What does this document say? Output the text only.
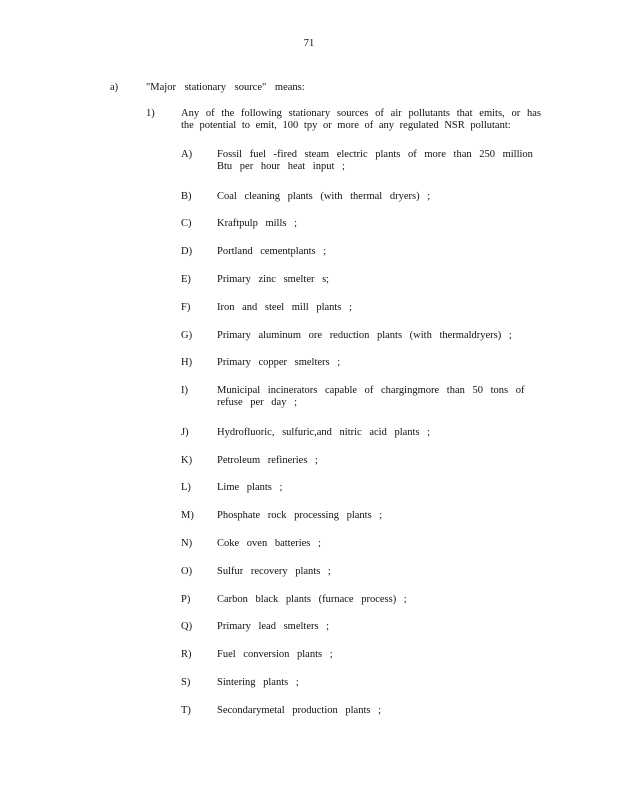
71
a)	"Major stationary source" means:
1)	Any of the following stationary sources of air pollutants that emits, or has the potential to emit, 100 tpy or more of any regulated NSR pollutant:
A) Fossil fuel -fired steam electric plants of more than 250 million Btu per hour heat input ;
B) Coal cleaning plants (with thermal dryers) ;
C) Kraftpulp mills ;
D) Portland cementplants ;
E) Primary zinc smelter s;
F)	Iron and steel mill plants ;
G) Primary aluminum ore reduction plants (with thermaldryers) ;
H) Primary copper smelters ;
I)	Municipal incinerators capable of chargingmore than 50 tons of refuse per day ;
J)	Hydrofluoric, sulfuric,and nitric acid plants ;
K) Petroleum refineries ;
L) Lime plants ;
M) Phosphate rock processing plants ;
N) Coke oven batteries ;
O) Sulfur recovery plants ;
P)	Carbon black plants (furnace process) ;
Q) Primary lead smelters ;
R) Fuel conversion plants ;
S)	Sintering plants ;
T) Secondarymetal production plants ;
